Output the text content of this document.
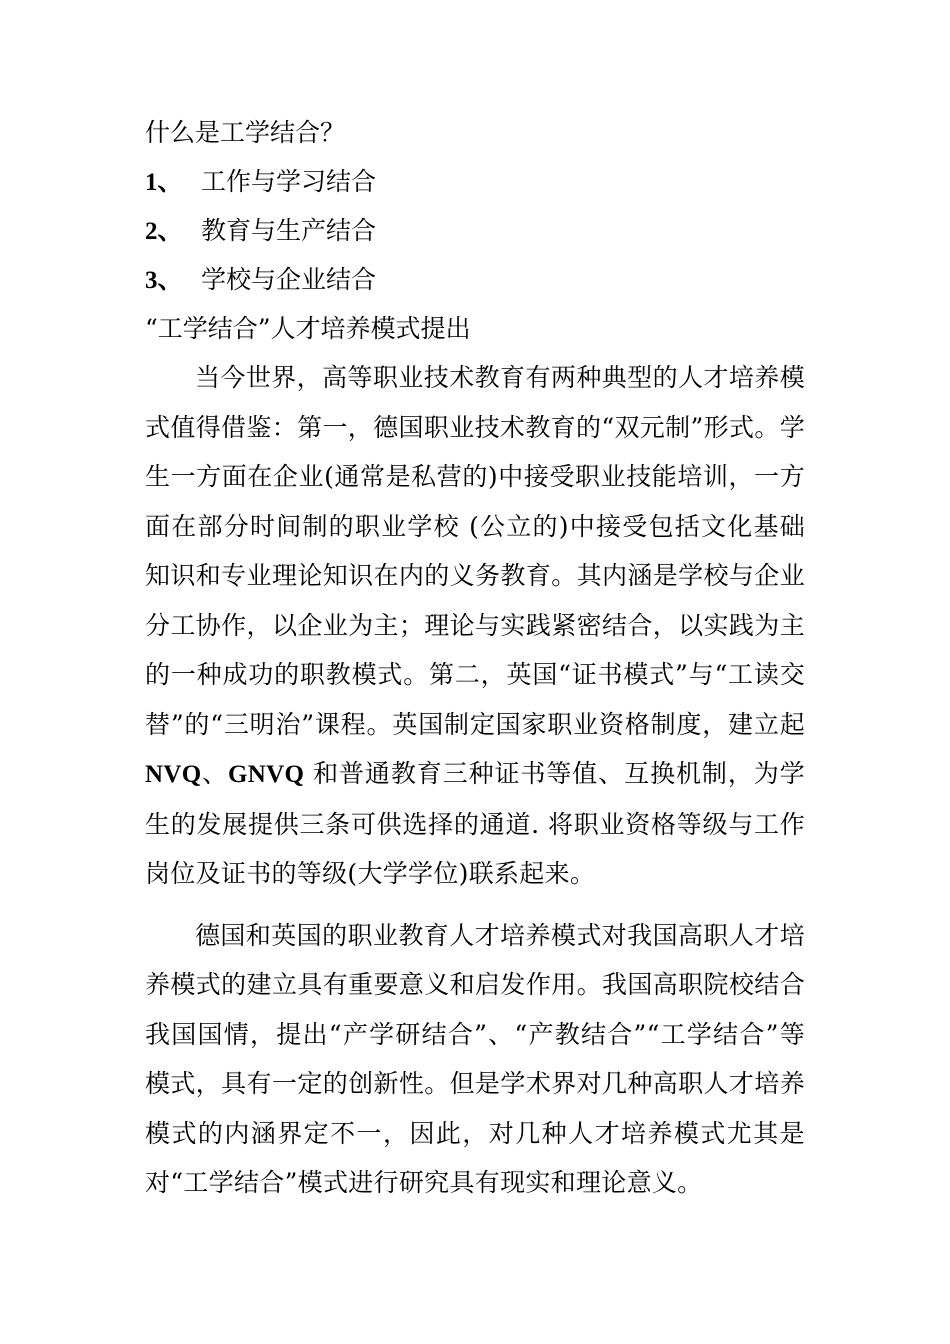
什么是工学结合？
1、 工作与学习结合
2、 教育与生产结合
3、 学校与企业结合
“工学结合”人才培养模式提出

当今世界，高等职业技术教育有两种典型的人才培养模式值得借鉴：第一，德国职业技术教育的“双元制”形式。学生一方面在企业(通常是私营的)中接受职业技能培训，一方面在部分时间制的职业学校 (公立的)中接受包括文化基础知识和专业理论知识在内的义务教育。其内涵是学校与企业分工协作，以企业为主；理论与实践紧密结合，以实践为主的一种成功的职教模式。第二，英国“证书模式”与“工读交替”的“三明治”课程。英国制定国家职业资格制度，建立起NVQ、GNVQ 和普通教育三种证书等值、互换机制，为学生的发展提供三条可供选择的通道. 将职业资格等级与工作岗位及证书的等级(大学学位)联系起来。

德国和英国的职业教育人才培养模式对我国高职人才培养模式的建立具有重要意义和启发作用。我国高职院校结合我国国情，提出“产学研结合”、“产教结合”“工学结合”等模式，具有一定的创新性。但是学术界对几种高职人才培养模式的内涵界定不一，因此，对几种人才培养模式尤其是对“工学结合”模式进行研究具有现实和理论意义。
